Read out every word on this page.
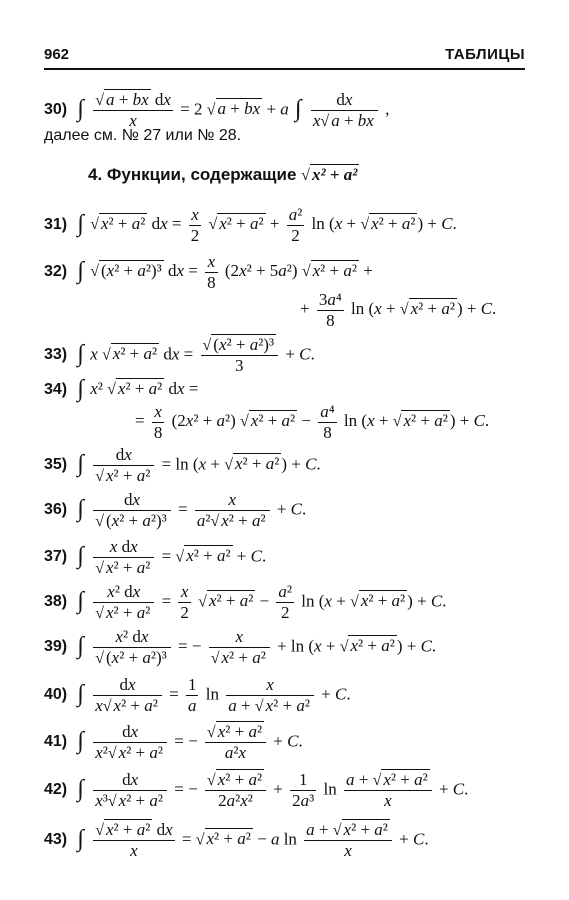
962	ТАБЛИЦЫ
30) ∫ $\frac{\text{√ a + bx dx}}{x} = 2$ √ a + bx + a ∫ $\frac{dx}{x√ a + bx}$ ,
далее см. № 27 или № 28.
4. Функции, содержащие √ x² + a²
31) ∫ √ x² + a² dx = $\frac{x}{2}$ √ $x^2 + a^2 + \frac{\text{a²}}{2}$ ln (x + √ x² + a² ) + C.
32) ∫ √ (x² + a²)³ dx = $\frac{x}{8} (2x^2 + 5a^2)$ √ x² + a² +
+ $\frac{\text{3a⁴}}{8}$ ln (x + √ x² + a² ) + C.
33) ∫ x √ x² + a² dx = $\frac{\text{√ (x² + a²)³}}{3} + C$.
34) ∫ x² √ x² + a² dx =
= $\frac{x}{8} (2x^2 + a^2)$ √ $x^2 + a^2 - \frac{\text{a⁴}}{8}$ ln (x + √ x² + a² ) + C.
35) ∫ $\frac{dx}{\text{√ x² + a²}} = \ln (x$ + √ x² + a² ) + C.
36) ∫ $\frac{dx}{\text{√ (x² + a²)³}} = \frac{x}{\text{a²√ x² + a²}} + C$.
37) ∫ $\frac{\text{x dx}}{\text{√ x² + a²}}$ = √ x² + a² + C.
38) ∫ $\frac{\text{x² dx}}{\text{√ x² + a²}} = \frac{x}{2}$ √ $x^2 + a^2 - \frac{\text{a²}}{2}$ ln (x + √ x² + a² ) + C.
39) ∫ $\frac{\text{x² dx}}{\text{√ (x² + a²)³}}$ = − $\frac{x}{\text{√ x² + a²}} + \ln (x$ + √ x² + a² ) + C.
40) ∫ $\frac{dx}{\text{x√ x² + a²}} = \frac{1}{a}$ $\ln \frac{x}{\text{a + √ x² + a²}} + C$.
41) ∫ $\frac{dx}{\text{x²√ x² + a²}}$ = − $\frac{\text{√ x² + a²}}{\text{a²x}} + C$.
42) ∫ $\frac{dx}{\text{x³√ x² + a²}}$ = − $\frac{\text{√ x² + a²}}{\text{2a²x²}} + \frac{1}{\text{2a³}}$ $\ln \frac{\text{a + √ x² + a²}}{x} + C$.
43) ∫ $\frac{\text{√ x² + a² dx}}{x}$ = √ x² + a² − a $\ln \frac{\text{a + √ x² + a²}}{x} + C$.
